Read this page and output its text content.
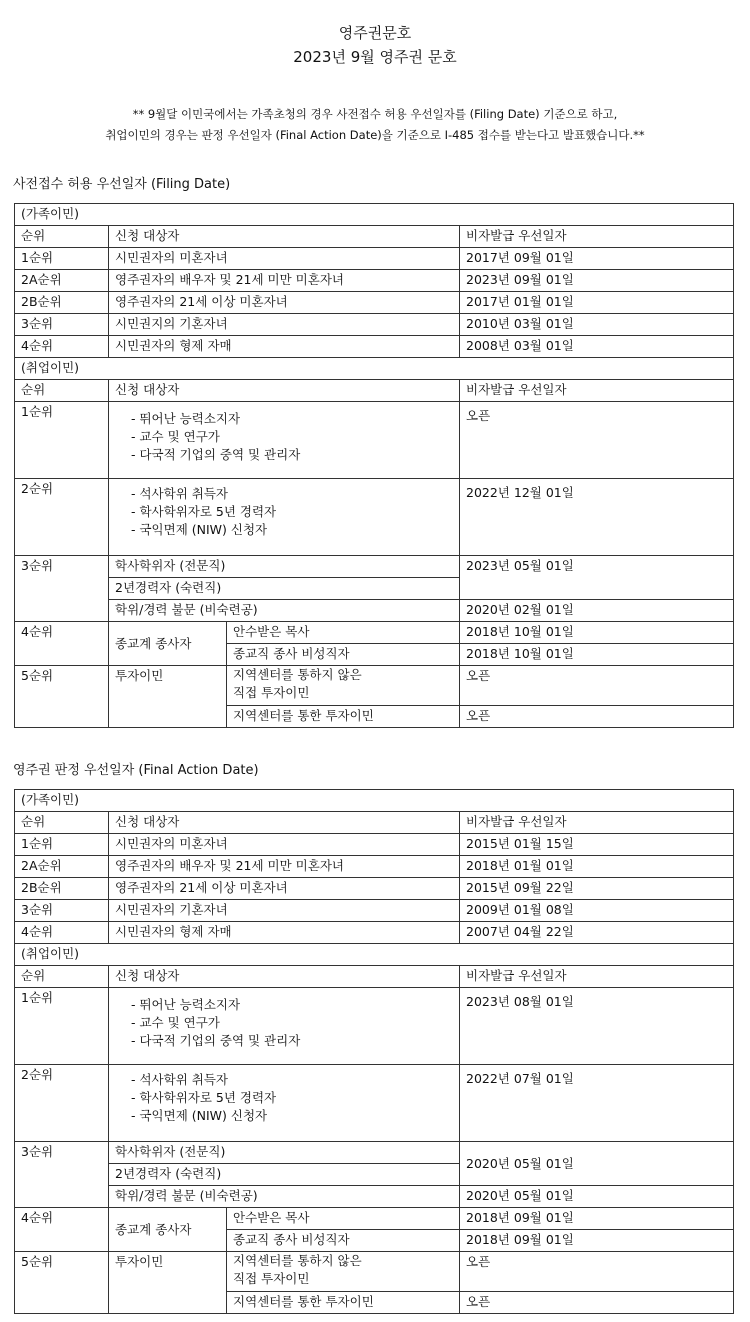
영주권문호
2023년 9월 영주권 문호
** 9월달 이민국에서는 가족초청의 경우 사전접수 허용 우선일자를 (Filing Date) 기준으로 하고,
취업이민의 경우는 판정 우선일자 (Final Action Date)을 기준으로 I-485 접수를 받는다고 발표했습니다.**
사전접수 허용 우선일자 (Filing Date)
(가족이민)			
순위	신청 대상자		비자발급 우선일자
1순위	시민권자의 미혼자녀		2017년 09월 01일
2A순위	영주권자의 배우자 및 21세 미만 미혼자녀		2023년 09월 01일
2B순위	영주권자의 21세 이상 미혼자녀		2017년 01월 01일
3순위	시민권지의 기혼자녀		2010년 03월 01일
4순위	시민권자의 형제 자매		2008년 03월 01일
(취업이민)			
순위	신청 대상자		비자발급 우선일자
1순위	- 뛰어난 능력소지자
- 교수 및 연구가
- 다국적 기업의 중역 및 관리자		오픈
2순위	- 석사학위 취득자
- 학사학위자로 5년 경력자
- 국익면제 (NIW) 신청자		2022년 12월 01일
3순위	학사학위자 (전문직)		2023년 05월 01일
	2년경력자 (숙련직)		
	학위/경력 불문 (비숙련공)		2020년 02월 01일
4순위	종교계 종사자	안수받은 목사	2018년 10월 01일
		종교직 종사 비성직자	2018년 10월 01일
5순위	투자이민	지역센터를 통하지 않은
직접 투자이민	오픈
		지역센터를 통한 투자이민	오픈
영주권 판정 우선일자 (Final Action Date)
(가족이민)			
순위	신청 대상자		비자발급 우선일자
1순위	시민권자의 미혼자녀		2015년 01월 15일
2A순위	영주권자의 배우자 및 21세 미만 미혼자녀		2018년 01월 01일
2B순위	영주권자의 21세 이상 미혼자녀		2015년 09월 22일
3순위	시민권자의 기혼자녀		2009년 01월 08일
4순위	시민권자의 형제 자매		2007년 04월 22일
(취업이민)			
순위	신청 대상자		비자발급 우선일자
1순위	- 뛰어난 능력소지자
- 교수 및 연구가
- 다국적 기업의 중역 및 관리자		2023년 08월 01일
2순위	- 석사학위 취득자
- 학사학위자로 5년 경력자
- 국익면제 (NIW) 신청자		2022년 07월 01일
3순위	학사학위자 (전문직)		2020년 05월 01일
	2년경력자 (숙련직)		
	학위/경력 불문 (비숙련공)		2020년 05월 01일
4순위	종교계 종사자	안수받은 목사	2018년 09월 01일
		종교직 종사 비성직자	2018년 09월 01일
5순위	투자이민	지역센터를 통하지 않은
직접 투자이민	오픈
		지역센터를 통한 투자이민	오픈
